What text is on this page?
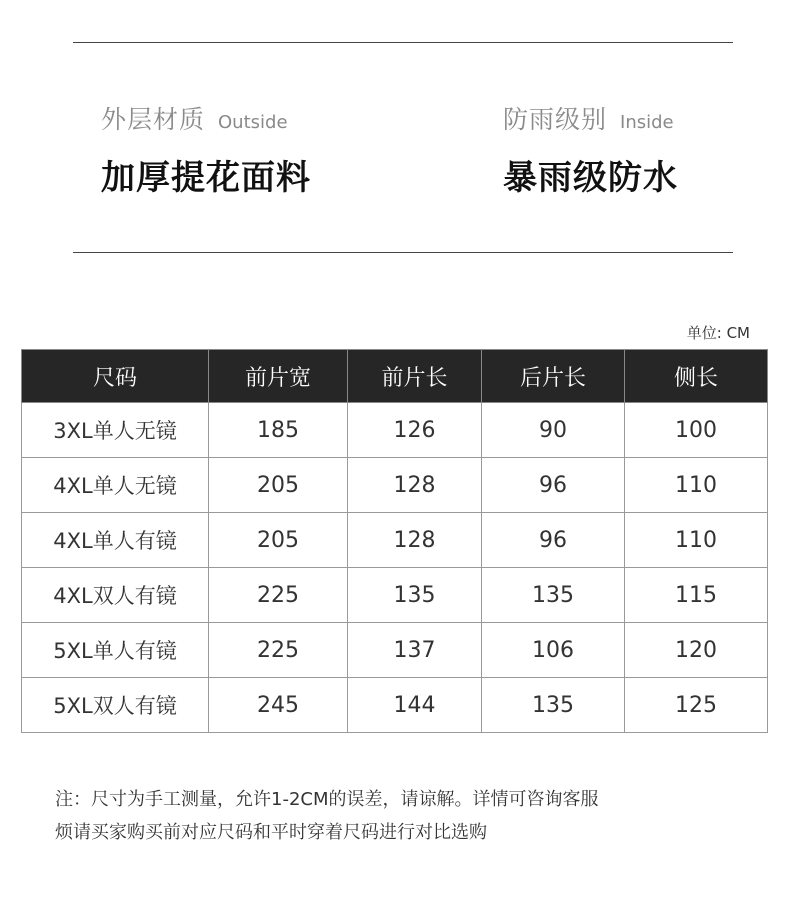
外层材质 Outside
加厚提花面料
防雨级别 Inside
暴雨级防水
单位: CM
尺码	前片宽	前片长	后片长	侧长
3XL单人无镜	185	126	90	100
4XL单人无镜	205	128	96	110
4XL单人有镜	205	128	96	110
4XL双人有镜	225	135	135	115
5XL单人有镜	225	137	106	120
5XL双人有镜	245	144	135	125
注：尺寸为手工测量，允许1-2CM的误差，请谅解。详情可咨询客服
烦请买家购买前对应尺码和平时穿着尺码进行对比选购
